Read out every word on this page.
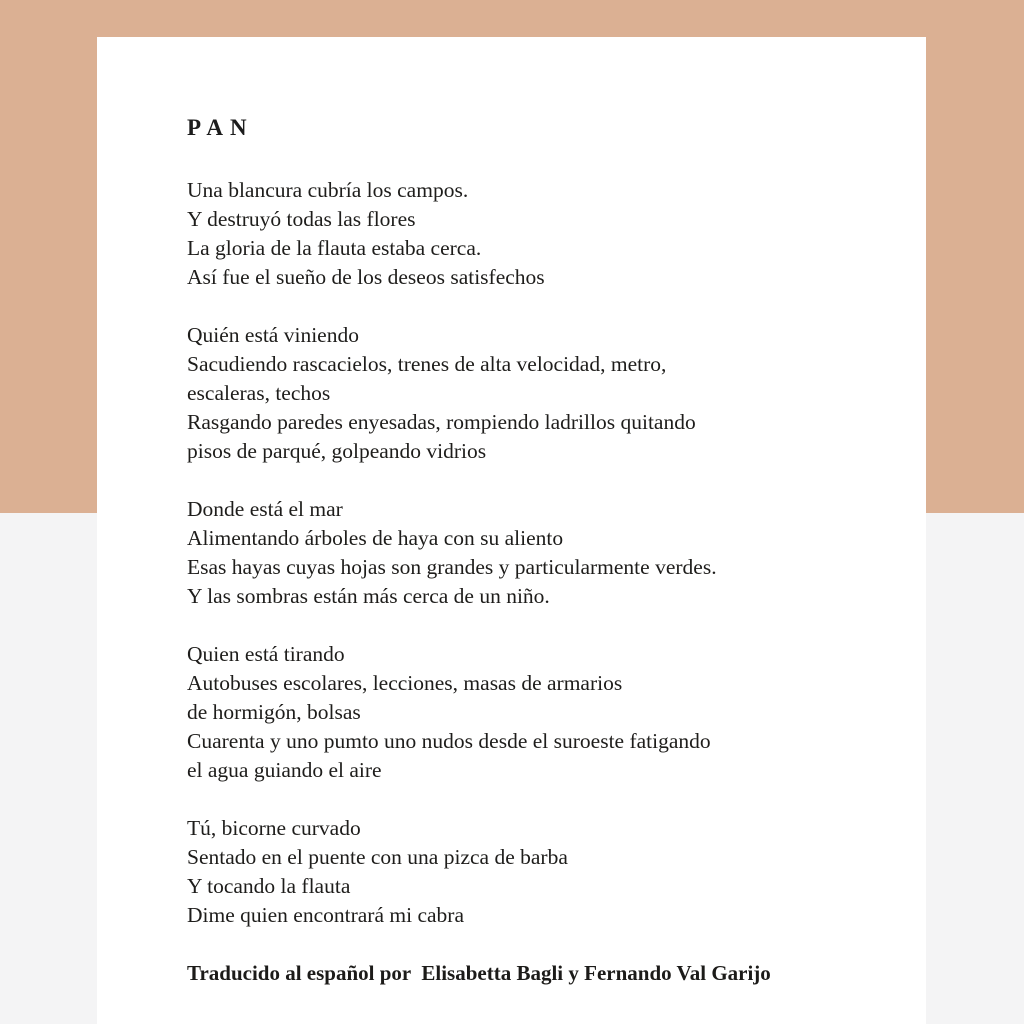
PAN
Una blancura cubría los campos.
Y destruyó todas las flores
La gloria de la flauta estaba cerca.
Así fue el sueño de los deseos satisfechos
Quién está viniendo
Sacudiendo rascacielos, trenes de alta velocidad, metro,
escaleras, techos
Rasgando paredes enyesadas, rompiendo ladrillos quitando
pisos de parqué, golpeando vidrios
Donde está el mar
Alimentando árboles de haya con su aliento
Esas hayas cuyas hojas son grandes y particularmente verdes.
Y las sombras están más cerca de un niño.
Quien está tirando
Autobuses escolares, lecciones, masas de armarios
de hormigón, bolsas
Cuarenta y uno pumto uno nudos desde el suroeste fatigando
el agua guiando el aire
Tú, bicorne curvado
Sentado en el puente con una pizca de barba
Y tocando la flauta
Dime quien encontrará mi cabra

Traducido al español por  Elisabetta Bagli y Fernando Val Garijo
